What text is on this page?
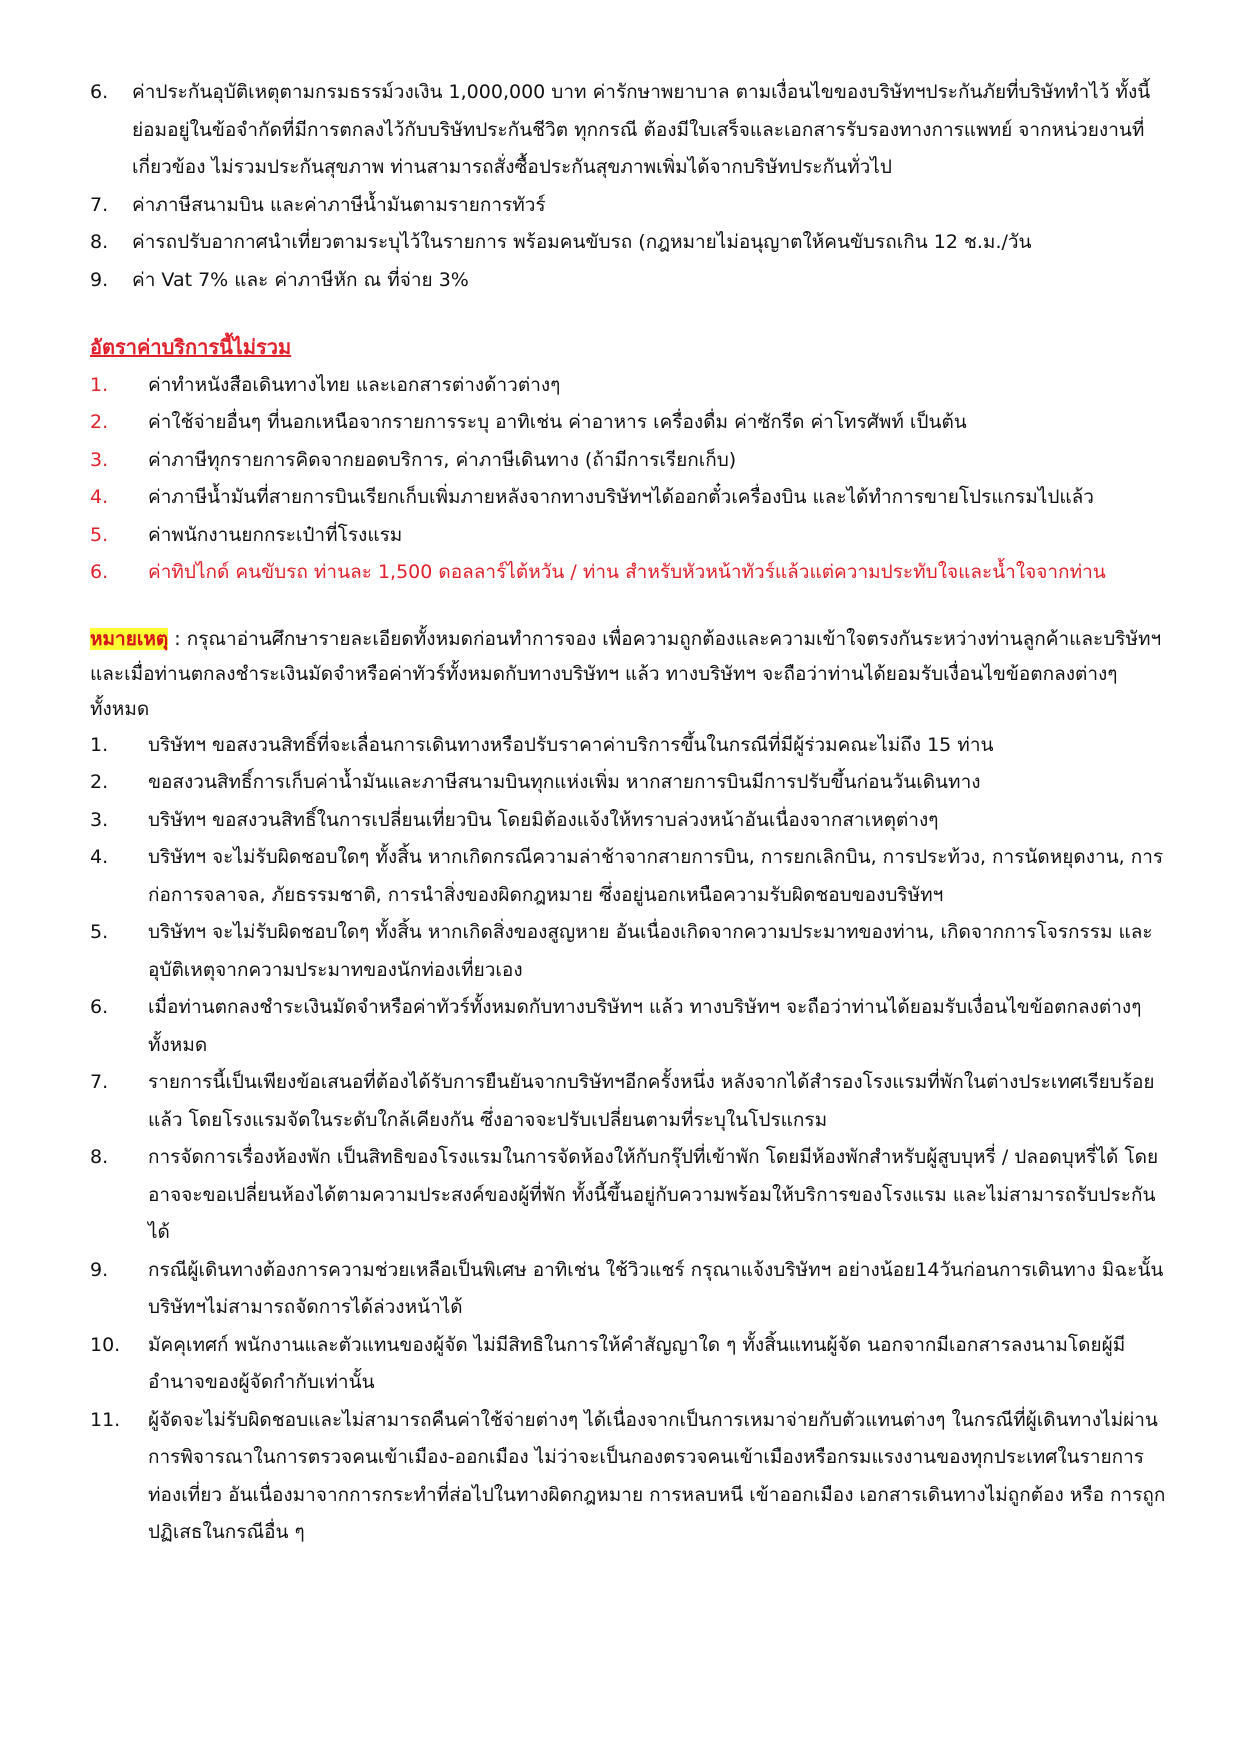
6.	ค่าประกันอุบัติเหตุตามกรมธรรม์วงเงิน 1,000,000 บาท ค่ารักษาพยาบาล ตามเงื่อนไขของบริษัทฯประกันภัยที่บริษัททำไว้ ทั้งนี้ย่อมอยู่ในข้อจำกัดที่มีการตกลงไว้กับบริษัทประกันชีวิต ทุกกรณี ต้องมีใบเสร็จและเอกสารรับรองทางการแพทย์ จากหน่วยงานที่เกี่ยวข้อง ไม่รวมประกันสุขภาพ ท่านสามารถสั่งซื้อประกันสุขภาพเพิ่มได้จากบริษัทประกันทั่วไป
7.	ค่าภาษีสนามบิน และค่าภาษีน้ำมันตามรายการทัวร์
8.	ค่ารถปรับอากาศนำเที่ยวตามระบุไว้ในรายการ พร้อมคนขับรถ (กฎหมายไม่อนุญาตให้คนขับรถเกิน 12 ช.ม./วัน
9.	ค่า Vat 7% และ ค่าภาษีหัก ณ ที่จ่าย 3%
อัตราค่าบริการนี้ไม่รวม
1.	ค่าทำหนังสือเดินทางไทย และเอกสารต่างด้าวต่างๆ
2.	ค่าใช้จ่ายอื่นๆ ที่นอกเหนือจากรายการระบุ อาทิเช่น ค่าอาหาร เครื่องดื่ม ค่าซักรีด ค่าโทรศัพท์ เป็นต้น
3.	ค่าภาษีทุกรายการคิดจากยอดบริการ, ค่าภาษีเดินทาง (ถ้ามีการเรียกเก็บ)
4.	ค่าภาษีน้ำมันที่สายการบินเรียกเก็บเพิ่มภายหลังจากทางบริษัทฯได้ออกตั๋วเครื่องบิน และได้ทำการขายโปรแกรมไปแล้ว
5.	ค่าพนักงานยกกระเป๋าที่โรงแรม
6.	ค่าทิปไกด์ คนขับรถ ท่านละ 1,500 ดอลลาร์ไต้หวัน / ท่าน สำหรับหัวหน้าทัวร์แล้วแต่ความประทับใจและน้ำใจจากท่าน
หมายเหตุ : กรุณาอ่านศึกษารายละเอียดทั้งหมดก่อนทำการจอง เพื่อความถูกต้องและความเข้าใจตรงกันระหว่างท่านลูกค้าและบริษัทฯ และเมื่อท่านตกลงชำระเงินมัดจำหรือค่าทัวร์ทั้งหมดกับทางบริษัทฯ แล้ว ทางบริษัทฯ จะถือว่าท่านได้ยอมรับเงื่อนไขข้อตกลงต่างๆ ทั้งหมด
1.	บริษัทฯ ขอสงวนสิทธิ์ที่จะเลื่อนการเดินทางหรือปรับราคาค่าบริการขึ้นในกรณีที่มีผู้ร่วมคณะไม่ถึง 15 ท่าน
2.	ขอสงวนสิทธิ์การเก็บค่าน้ำมันและภาษีสนามบินทุกแห่งเพิ่ม หากสายการบินมีการปรับขึ้นก่อนวันเดินทาง
3.	บริษัทฯ ขอสงวนสิทธิ์ในการเปลี่ยนเที่ยวบิน โดยมิต้องแจ้งให้ทราบล่วงหน้าอันเนื่องจากสาเหตุต่างๆ
4.	บริษัทฯ จะไม่รับผิดชอบใดๆ ทั้งสิ้น หากเกิดกรณีความล่าช้าจากสายการบิน, การยกเลิกบิน, การประท้วง, การนัดหยุดงาน, การก่อการจลาจล, ภัยธรรมชาติ, การนำสิ่งของผิดกฎหมาย ซึ่งอยู่นอกเหนือความรับผิดชอบของบริษัทฯ
5.	บริษัทฯ จะไม่รับผิดชอบใดๆ ทั้งสิ้น หากเกิดสิ่งของสูญหาย อันเนื่องเกิดจากความประมาทของท่าน, เกิดจากการโจรกรรม และ อุบัติเหตุจากความประมาทของนักท่องเที่ยวเอง
6.	เมื่อท่านตกลงชำระเงินมัดจำหรือค่าทัวร์ทั้งหมดกับทางบริษัทฯ แล้ว ทางบริษัทฯ จะถือว่าท่านได้ยอมรับเงื่อนไขข้อตกลงต่างๆ ทั้งหมด
7.	รายการนี้เป็นเพียงข้อเสนอที่ต้องได้รับการยืนยันจากบริษัทฯอีกครั้งหนึ่ง หลังจากได้สำรองโรงแรมที่พักในต่างประเทศเรียบร้อยแล้ว โดยโรงแรมจัดในระดับใกล้เคียงกัน ซึ่งอาจจะปรับเปลี่ยนตามที่ระบุในโปรแกรม
8.	การจัดการเรื่องห้องพัก เป็นสิทธิของโรงแรมในการจัดห้องให้กับกรุ๊ปที่เข้าพัก โดยมีห้องพักสำหรับผู้สูบบุหรี่ / ปลอดบุหรี่ได้ โดยอาจจะขอเปลี่ยนห้องได้ตามความประสงค์ของผู้ที่พัก ทั้งนี้ขึ้นอยู่กับความพร้อมให้บริการของโรงแรม และไม่สามารถรับประกันได้
9.	กรณีผู้เดินทางต้องการความช่วยเหลือเป็นพิเศษ อาทิเช่น ใช้วิวแชร์ กรุณาแจ้งบริษัทฯ อย่างน้อย14วันก่อนการเดินทาง มิฉะนั้น บริษัทฯไม่สามารถจัดการได้ล่วงหน้าได้
10.	มัคคุเทศก์ พนักงานและตัวแทนของผู้จัด ไม่มีสิทธิในการให้คำสัญญาใด ๆ ทั้งสิ้นแทนผู้จัด นอกจากมีเอกสารลงนามโดยผู้มีอำนาจของผู้จัดกำกับเท่านั้น
11.	ผู้จัดจะไม่รับผิดชอบและไม่สามารถคืนค่าใช้จ่ายต่างๆ ได้เนื่องจากเป็นการเหมาจ่ายกับตัวแทนต่างๆ ในกรณีที่ผู้เดินทางไม่ผ่านการพิจารณาในการตรวจคนเข้าเมือง-ออกเมือง ไม่ว่าจะเป็นกองตรวจคนเข้าเมืองหรือกรมแรงงานของทุกประเทศในรายการท่องเที่ยว อันเนื่องมาจากการกระทำที่ส่อไปในทางผิดกฎหมาย การหลบหนี เข้าออกเมือง เอกสารเดินทางไม่ถูกต้อง หรือ การถูกปฏิเสธในกรณีอื่น ๆ
